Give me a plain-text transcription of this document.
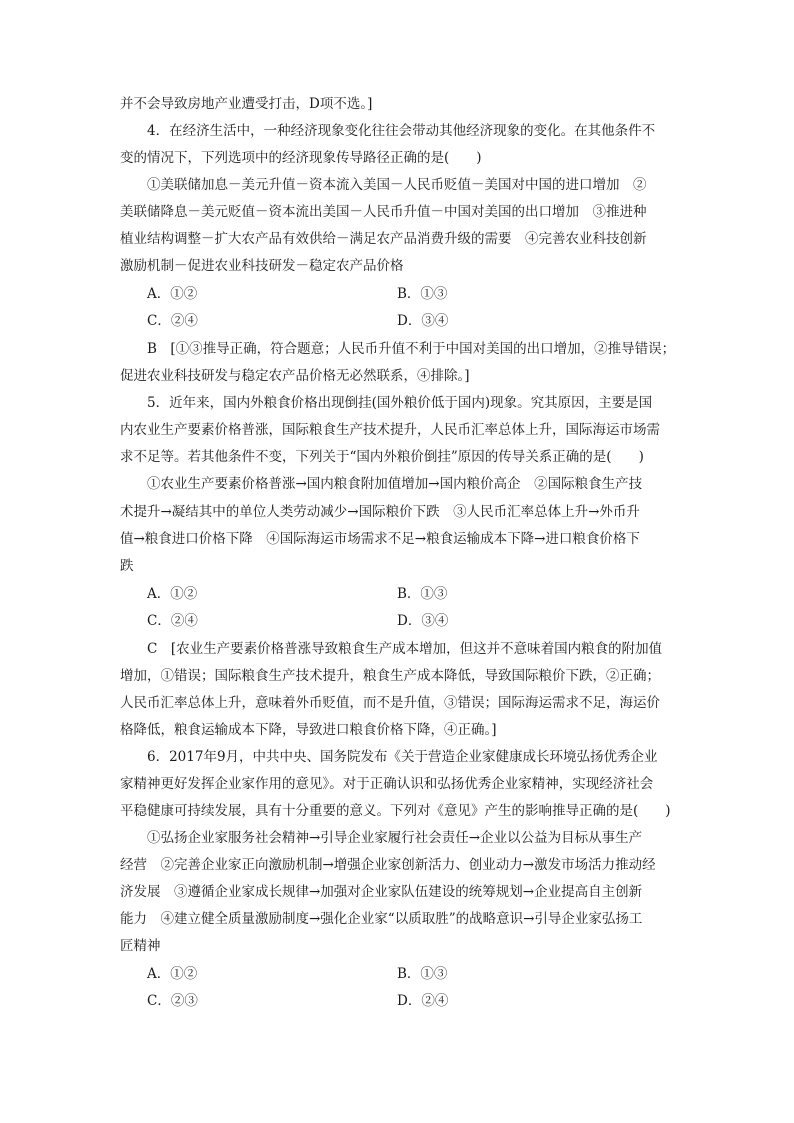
并不会导致房地产业遭受打击，D项不选。]
4．在经济生活中，一种经济现象变化往往会带动其他经济现象的变化。在其他条件不
变的情况下，下列选项中的经济现象传导路径正确的是(　　)
①美联储加息－美元升值－资本流入美国－人民币贬值－美国对中国的进口增加　②
美联储降息－美元贬值－资本流出美国－人民币升值－中国对美国的出口增加　③推进种
植业结构调整－扩大农产品有效供给－满足农产品消费升级的需要　④完善农业科技创新
激励机制－促进农业科技研发－稳定农产品价格
A．①②	B．①③
C．②④	D．③④
B　[①③推导正确，符合题意；人民币升值不利于中国对美国的出口增加，②推导错误；
促进农业科技研发与稳定农产品价格无必然联系，④排除。]
5．近年来，国内外粮食价格出现倒挂(国外粮价低于国内)现象。究其原因，主要是国
内农业生产要素价格普涨，国际粮食生产技术提升，人民币汇率总体上升，国际海运市场需
求不足等。若其他条件不变，下列关于“国内外粮价倒挂”原因的传导关系正确的是(　　)
①农业生产要素价格普涨→国内粮食附加值增加→国内粮价高企　②国际粮食生产技
术提升→凝结其中的单位人类劳动减少→国际粮价下跌　③人民币汇率总体上升→外币升
值→粮食进口价格下降　④国际海运市场需求不足→粮食运输成本下降→进口粮食价格下
跌
A．①②	B．①③
C．②④	D．③④
C　[农业生产要素价格普涨导致粮食生产成本增加，但这并不意味着国内粮食的附加值
增加，①错误；国际粮食生产技术提升，粮食生产成本降低，导致国际粮价下跌，②正确；
人民币汇率总体上升，意味着外币贬值，而不是升值，③错误；国际海运需求不足，海运价
格降低，粮食运输成本下降，导致进口粮食价格下降，④正确。]
6．2017年9月，中共中央、国务院发布《关于营造企业家健康成长环境弘扬优秀企业
家精神更好发挥企业家作用的意见》。对于正确认识和弘扬优秀企业家精神，实现经济社会
平稳健康可持续发展，具有十分重要的意义。下列对《意见》产生的影响推导正确的是(　　)
①弘扬企业家服务社会精神→引导企业家履行社会责任→企业以公益为目标从事生产
经营　②完善企业家正向激励机制→增强企业家创新活力、创业动力→激发市场活力推动经
济发展　③遵循企业家成长规律→加强对企业家队伍建设的统筹规划→企业提高自主创新
能力　④建立健全质量激励制度→强化企业家“以质取胜”的战略意识→引导企业家弘扬工
匠精神
A．①②	B．①③
C．②③	D．②④
